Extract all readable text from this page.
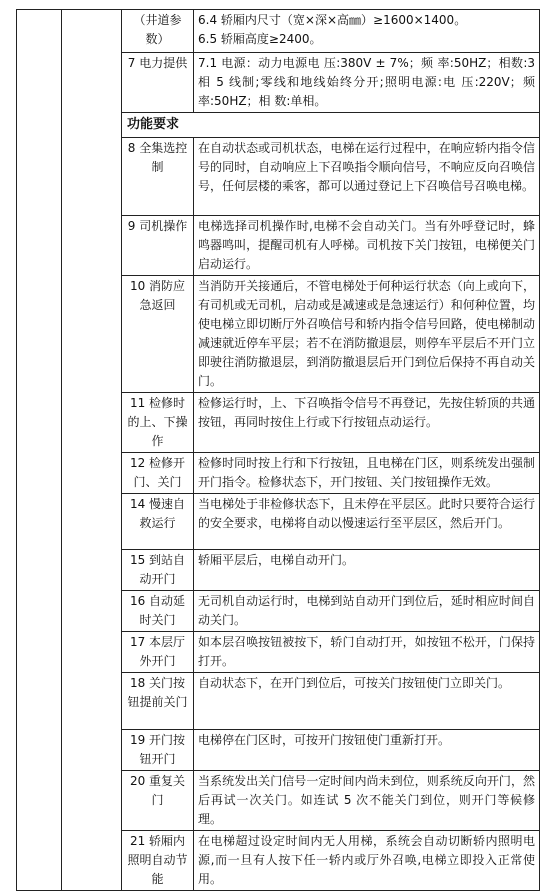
		（井道参数）	6.4 轿厢内尺寸（宽×深×高㎜）≥1600×1400。
6.5 轿厢高度≥2400。

		7 电力提供	7.1 电源：动力电源电 压:380V ± 7%；频 率:50HZ；相数:3 相 5 线制;零线和地线始终分开;照明电源:电 压:220V；频 率:50HZ；相 数:单相。

		功能要求	
		8 全集选控制	在自动状态或司机状态，电梯在运行过程中，在响应轿内指令信号的同时，自动响应上下召唤指令顺向信号，不响应反向召唤信号，任何层楼的乘客，都可以通过登记上下召唤信号召唤电梯。
		9 司机操作	电梯选择司机操作时,电梯不会自动关门。当有外呼登记时，蜂鸣器鸣叫，提醒司机有人呼梯。司机按下关门按钮，电梯便关门启动运行。
		10 消防应急返回	当消防开关接通后，不管电梯处于何种运行状态（向上或向下，有司机或无司机，启动或是减速或是急速运行）和何种位置，均使电梯立即切断厅外召唤信号和轿内指令信号回路，使电梯制动减速就近停车平层；若不在消防撤退层，则停车平层后不开门立即驶往消防撤退层，到消防撤退层后开门到位后保持不再自动关门。
		11 检修时的上、下操作	检修运行时，上、下召唤指令信号不再登记，先按住轿顶的共通按钮，再同时按住上行或下行按钮点动运行。
		12 检修开门、关门	检修时同时按上行和下行按钮，且电梯在门区，则系统发出强制开门指令。检修状态下，开门按钮、关门按钮操作无效。
		14 慢速自救运行	当电梯处于非检修状态下，且未停在平层区。此时只要符合运行的安全要求，电梯将自动以慢速运行至平层区，然后开门。
		15 到站自动开门	轿厢平层后，电梯自动开门。
		16 自动延时关门	无司机自动运行时，电梯到站自动开门到位后，延时相应时间自动关门。
		17 本层厅外开门	如本层召唤按钮被按下，轿门自动打开，如按钮不松开，门保持打开。
		18 关门按钮提前关门	自动状态下，在开门到位后，可按关门按钮使门立即关门。
		19 开门按钮开门	电梯停在门区时，可按开门按钮使门重新打开。
		20 重复关门	当系统发出关门信号一定时间内尚未到位，则系统反向开门，然后再试一次关门。如连试 5 次不能关门到位，则开门等候修理。
		21 轿厢内照明自动节能	在电梯超过设定时间内无人用梯，系统会自动切断轿内照明电源,而一旦有人按下任一轿内或厅外召唤,电梯立即投入正常使用。
